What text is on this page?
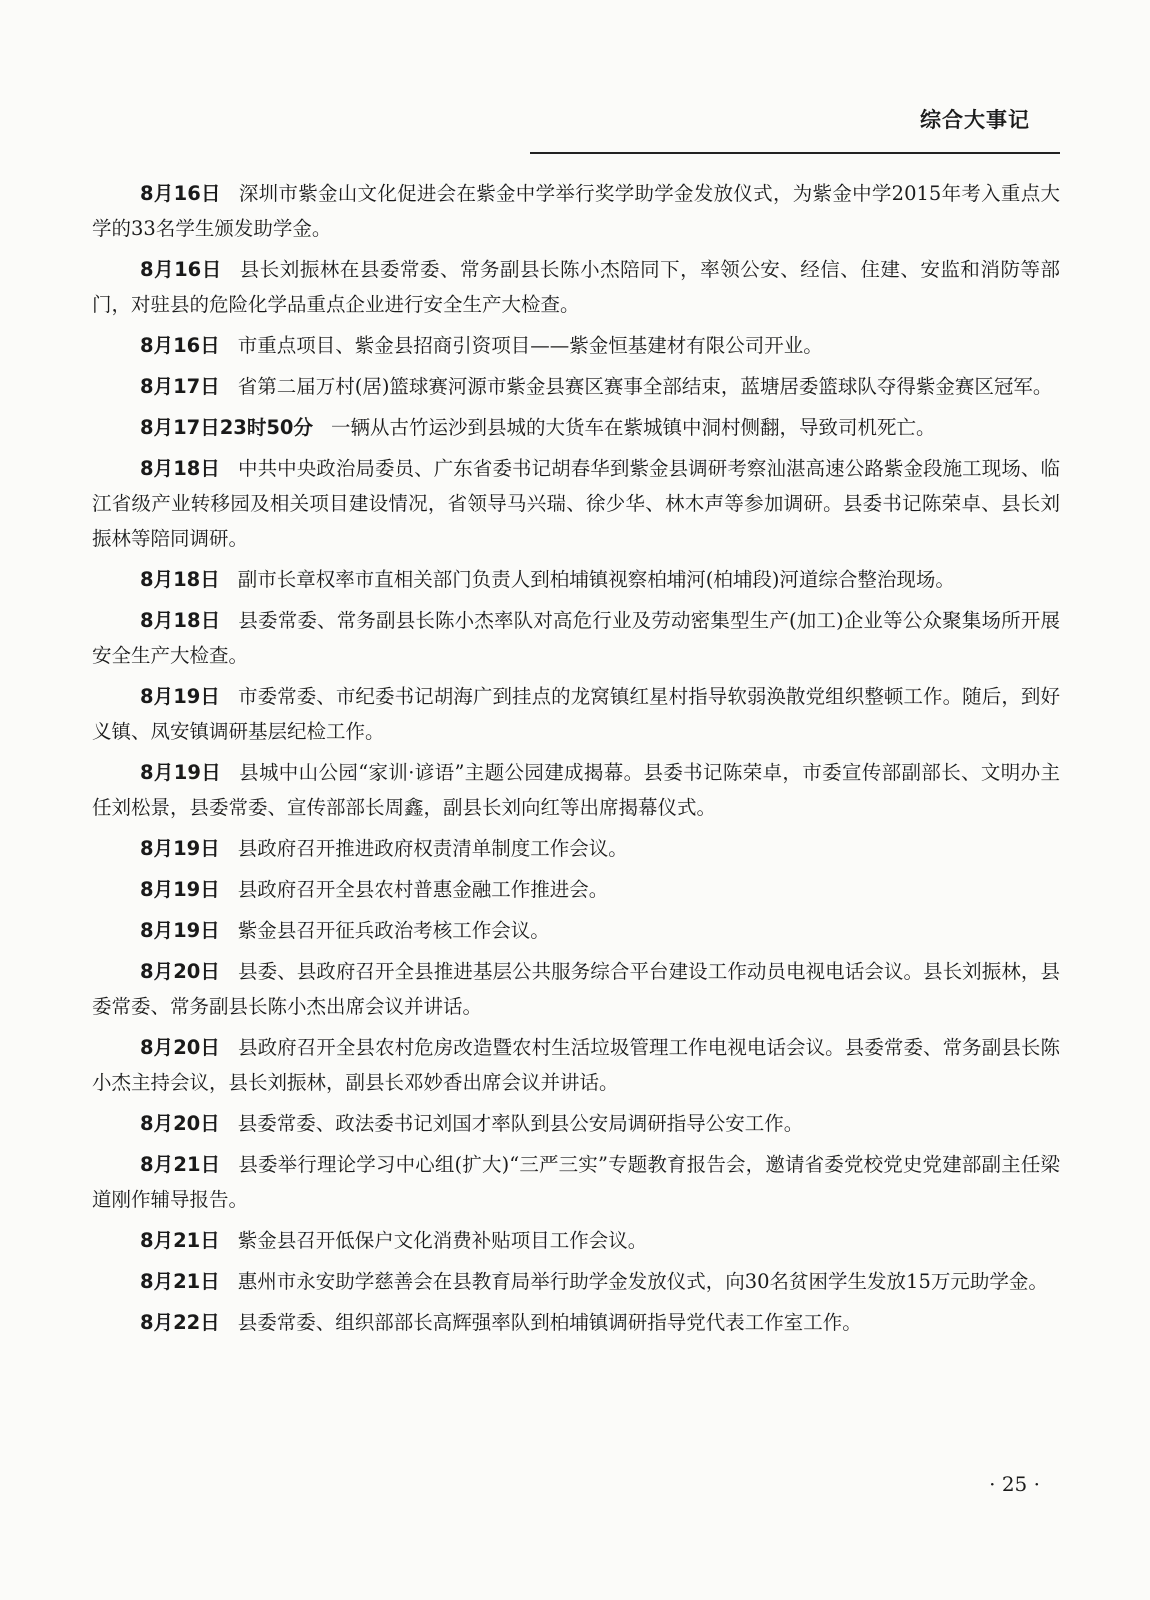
综合大事记

8月16日 深圳市紫金山文化促进会在紫金中学举行奖学助学金发放仪式，为紫金中学2015年考入重点大学的33名学生颁发助学金。

8月16日 县长刘振林在县委常委、常务副县长陈小杰陪同下，率领公安、经信、住建、安监和消防等部门，对驻县的危险化学品重点企业进行安全生产大检查。

8月16日 市重点项目、紫金县招商引资项目——紫金恒基建材有限公司开业。

8月17日 省第二届万村(居)篮球赛河源市紫金县赛区赛事全部结束，蓝塘居委篮球队夺得紫金赛区冠军。

8月17日23时50分 一辆从古竹运沙到县城的大货车在紫城镇中洞村侧翻，导致司机死亡。

8月18日 中共中央政治局委员、广东省委书记胡春华到紫金县调研考察汕湛高速公路紫金段施工现场、临江省级产业转移园及相关项目建设情况，省领导马兴瑞、徐少华、林木声等参加调研。县委书记陈荣卓、县长刘振林等陪同调研。

8月18日 副市长章权率市直相关部门负责人到柏埔镇视察柏埔河(柏埔段)河道综合整治现场。

8月18日 县委常委、常务副县长陈小杰率队对高危行业及劳动密集型生产(加工)企业等公众聚集场所开展安全生产大检查。

8月19日 市委常委、市纪委书记胡海广到挂点的龙窝镇红星村指导软弱涣散党组织整顿工作。随后，到好义镇、凤安镇调研基层纪检工作。

8月19日 县城中山公园“家训·谚语”主题公园建成揭幕。县委书记陈荣卓，市委宣传部副部长、文明办主任刘松景，县委常委、宣传部部长周鑫，副县长刘向红等出席揭幕仪式。

8月19日 县政府召开推进政府权责清单制度工作会议。

8月19日 县政府召开全县农村普惠金融工作推进会。

8月19日 紫金县召开征兵政治考核工作会议。

8月20日 县委、县政府召开全县推进基层公共服务综合平台建设工作动员电视电话会议。县长刘振林，县委常委、常务副县长陈小杰出席会议并讲话。

8月20日 县政府召开全县农村危房改造暨农村生活垃圾管理工作电视电话会议。县委常委、常务副县长陈小杰主持会议，县长刘振林，副县长邓妙香出席会议并讲话。

8月20日 县委常委、政法委书记刘国才率队到县公安局调研指导公安工作。

8月21日 县委举行理论学习中心组(扩大)“三严三实”专题教育报告会，邀请省委党校党史党建部副主任梁道刚作辅导报告。

8月21日 紫金县召开低保户文化消费补贴项目工作会议。

8月21日 惠州市永安助学慈善会在县教育局举行助学金发放仪式，向30名贫困学生发放15万元助学金。

8月22日 县委常委、组织部部长高辉强率队到柏埔镇调研指导党代表工作室工作。

· 25 ·
